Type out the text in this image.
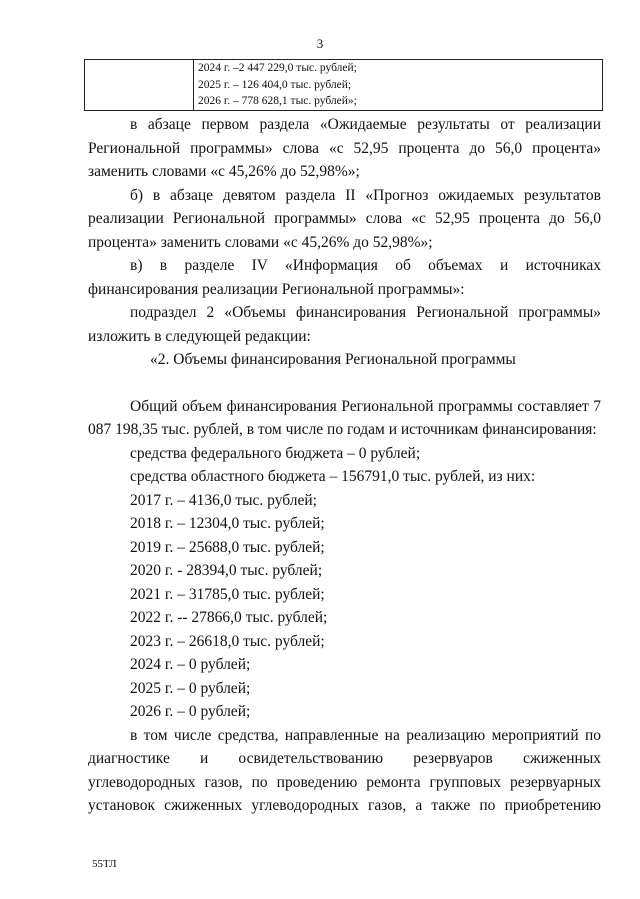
3

2024 г. –2 447 229,0 тыс. рублей;
2025 г. – 126 404,0 тыс. рублей;
2026 г. – 778 628,1 тыс. рублей»;

в абзаце первом раздела «Ожидаемые результаты от реализации Региональной программы» слова «с 52,95 процента до 56,0 процента» заменить словами «с 45,26% до 52,98%»;

б) в абзаце девятом раздела II «Прогноз ожидаемых результатов реализации Региональной программы» слова «с 52,95 процента до 56,0 процента» заменить словами «с 45,26% до 52,98%»;

в) в разделе IV «Информация об объемах и источниках финансирования реализации Региональной программы»:

подраздел 2 «Объемы финансирования Региональной программы» изложить в следующей редакции:

«2. Объемы финансирования Региональной программы

Общий объем финансирования Региональной программы составляет 7 087 198,35 тыс. рублей, в том числе по годам и источникам финансирования:

средства федерального бюджета – 0 рублей;

средства областного бюджета – 156791,0 тыс. рублей, из них:

2017 г. – 4136,0 тыс. рублей;

2018 г. – 12304,0 тыс. рублей;

2019 г. – 25688,0 тыс. рублей;

2020 г. - 28394,0 тыс. рублей;

2021 г. – 31785,0 тыс. рублей;

2022 г. -- 27866,0 тыс. рублей;

2023 г. – 26618,0 тыс. рублей;

2024 г. – 0 рублей;

2025 г. – 0 рублей;

2026 г. – 0 рублей;

в том числе средства, направленные на реализацию мероприятий по диагностике и освидетельствованию резервуаров сжиженных углеводородных газов, по проведению ремонта групповых резервуарных установок сжиженных углеводородных газов, а также по приобретению

55ТЛ
